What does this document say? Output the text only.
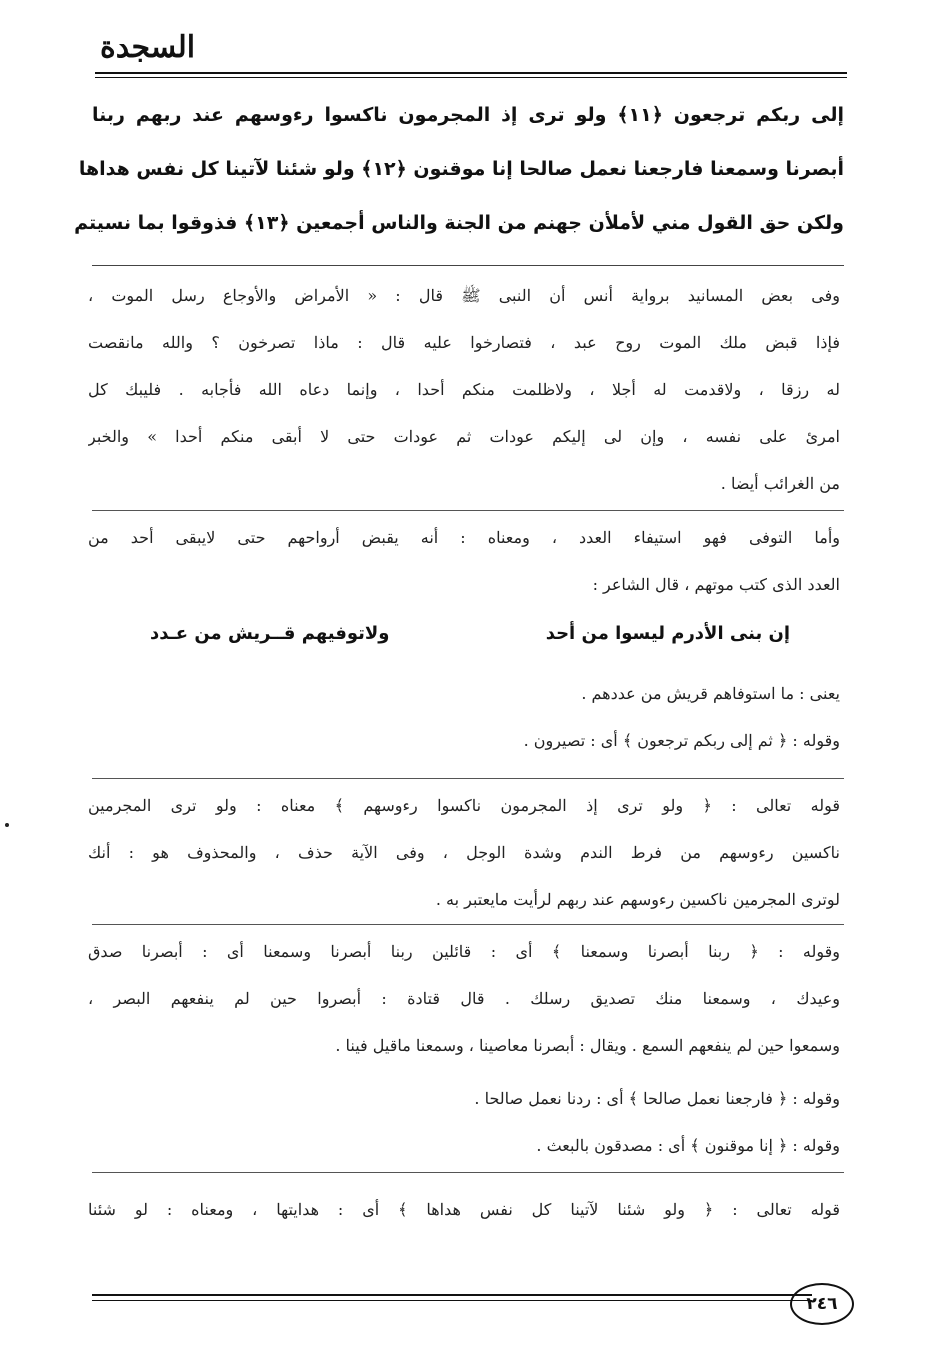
السجدة
إلى ربكم ترجعون ﴿١١﴾ ولو ترى إذ المجرمون ناكسوا رءوسهم عند ربهم ربنا
أبصرنا وسمعنا فارجعنا نعمل صالحا إنا موقنون ﴿١٢﴾ ولو شئنا لآتينا كل نفس هداها
ولكن حق القول مني لأملأن جهنم من الجنة والناس أجمعين ﴿١٣﴾ فذوقوا بما نسيتم
وفى بعض المسانيد برواية أنس أن النبى ﷺ قال : « الأمراض والأوجاع رسل الموت ،
فإذا قبض ملك الموت روح عبد ، فتصارخوا عليه قال : ماذا تصرخون ؟ والله مانقصت
له رزقا ، ولاقدمت له أجلا ، ولاظلمت منكم أحدا ، وإنما دعاه الله فأجابه . فليبك كل
امرئ على نفسه ، وإن لى إليكم عودات ثم عودات حتى لا أبقى منكم أحدا » والخبر
من الغرائب أيضا .
وأما التوفى فهو استيفاء العدد ، ومعناه : أنه يقبض أرواحهم حتى لايبقى أحد من
العدد الذى كتب موتهم ، قال الشاعر :
إن بنى الأدرم ليسوا من أحد
ولاتوفيهم قــريش من عـدد
يعنى : ما استوفاهم قريش من عددهم .
وقوله : ﴿ ثم إلى ربكم ترجعون ﴾ أى : تصيرون .
قوله تعالى : ﴿ ولو ترى إذ المجرمون ناكسوا رءوسهم ﴾ معناه : ولو ترى المجرمين
ناكسين رءوسهم من فرط الندم وشدة الوجل ، وفى الآية حذف ، والمحذوف هو : أنك
لوترى المجرمين ناكسين رءوسهم عند ربهم لرأيت مايعتبر به .
وقوله : ﴿ ربنا أبصرنا وسمعنا ﴾ أى : قائلين ربنا أبصرنا وسمعنا أى : أبصرنا صدق
وعيدك ، وسمعنا منك تصديق رسلك . قال قتادة : أبصروا حين لم ينفعهم البصر ،
وسمعوا حين لم ينفعهم السمع . ويقال : أبصرنا معاصينا ، وسمعنا ماقيل فينا .
وقوله : ﴿ فارجعنا نعمل صالحا ﴾ أى : ردنا نعمل صالحا .
وقوله : ﴿ إنا موقنون ﴾ أى : مصدقون بالبعث .
قوله تعالى : ﴿ ولو شئنا لآتينا كل نفس هداها ﴾ أى : هدايتها ، ومعناه : لو شئنا
٢٤٦
